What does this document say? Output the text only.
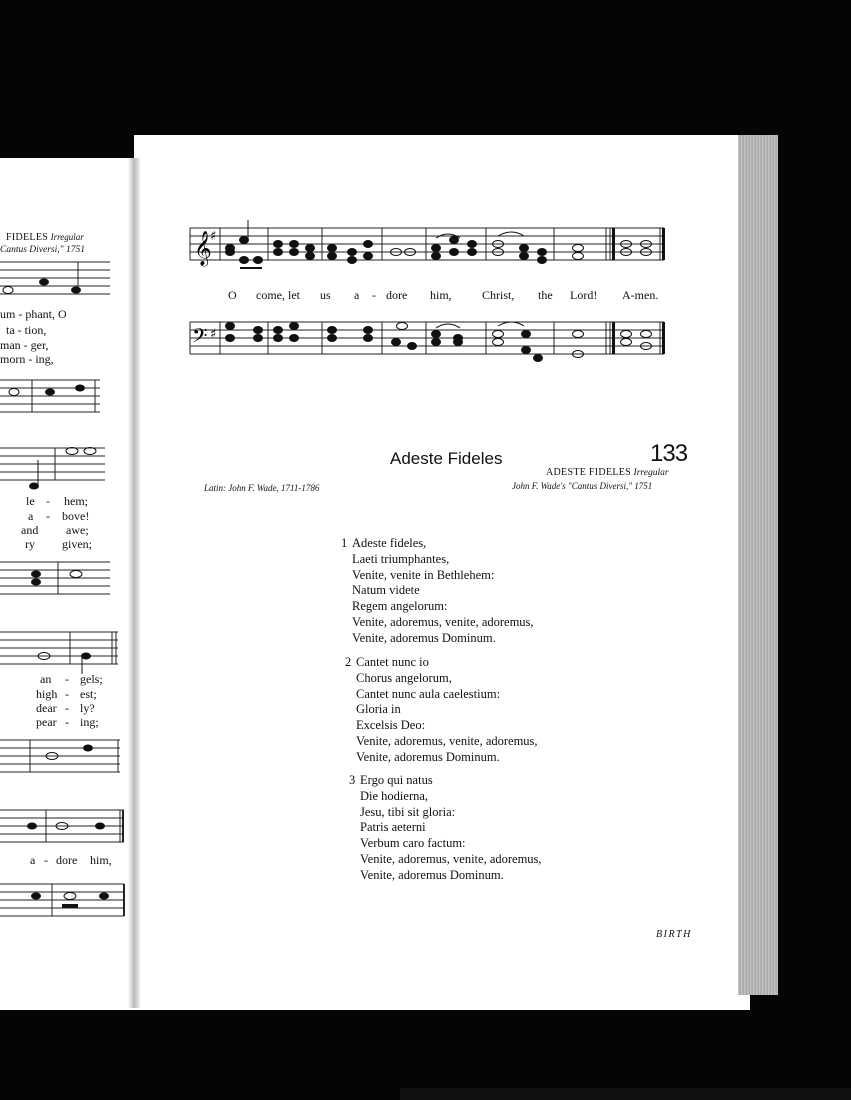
FIDELES Irregular
Cantus Diversi," 1751
um - phant, O
ta - tion,
man - ger,
morn - ing,
le - hem;
a - bove!
and awe;
ry given;
an - gels;
high - est;
dear - ly?
pear - ing;
a - dore him,
𝄞
♯
O come, let us a - dore him,	Christ, the Lord! A-men.
𝄢 ♯
Adeste Fideles	133
Latin: John F. Wade, 1711-1786
ADESTE FIDELES Irregular
John F. Wade's "Cantus Diversi," 1751
1 Adeste fideles,
Laeti triumphantes,
Venite, venite in Bethlehem:
Natum videte
Regem angelorum:
Venite, adoremus, venite, adoremus,
Venite, adoremus Dominum.
2 Cantet nunc io
Chorus angelorum,
Cantet nunc aula caelestium:
Gloria in
Excelsis Deo:
Venite, adoremus, venite, adoremus,
Venite, adoremus Dominum.
3 Ergo qui natus
Die hodierna,
Jesu, tibi sit gloria:
Patris aeterni
Verbum caro factum:
Venite, adoremus, venite, adoremus,
Venite, adoremus Dominum.
BIRTH
